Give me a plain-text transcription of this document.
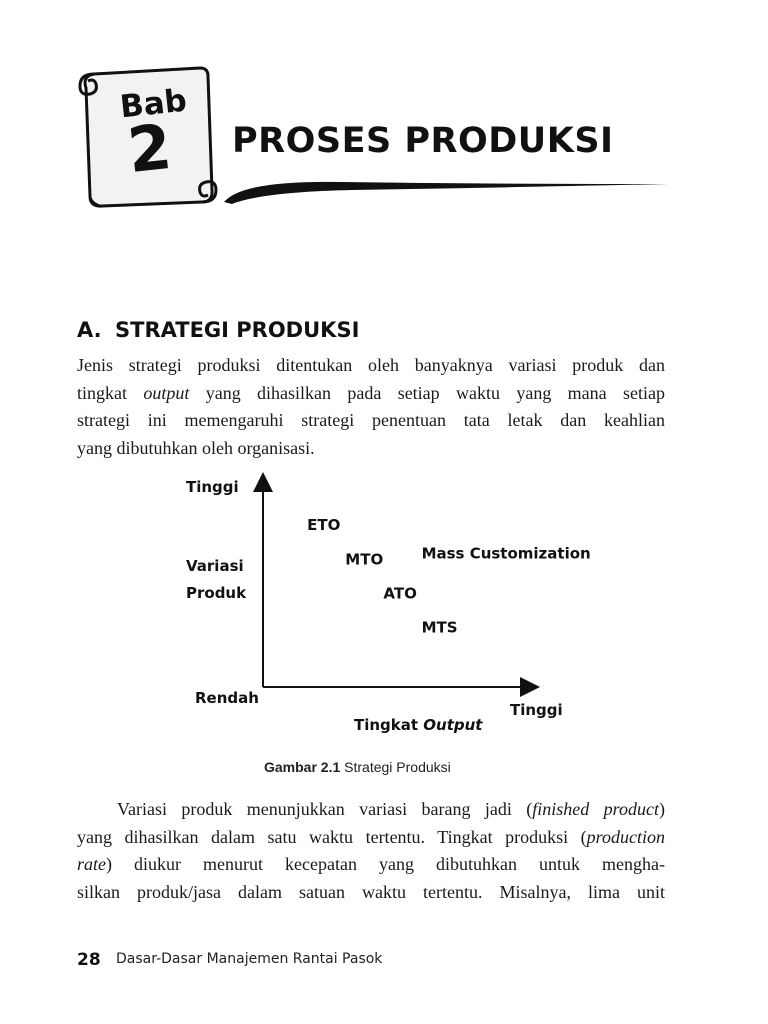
Bab
2 PROSES PRODUKSI
A. STRATEGI PRODUKSI
Jenis strategi produksi ditentukan oleh banyaknya variasi produk dan
tingkat output yang dihasilkan pada setiap waktu yang mana setiap
strategi ini memengaruhi strategi penentuan tata letak dan keahlian
yang dibutuhkan oleh organisasi.
Tinggi
Variasi
Produk
Rendah
Tinggi
Tingkat Output
ETO
MTO	Mass Customization
ATO
MTS
Gambar 2.1 Strategi Produksi
Variasi produk menunjukkan variasi barang jadi (finished product)
yang dihasilkan dalam satu waktu tertentu. Tingkat produksi (production
rate) diukur menurut kecepatan yang dibutuhkan untuk mengha-
silkan produk/jasa dalam satuan waktu tertentu. Misalnya, lima unit
28 Dasar-Dasar Manajemen Rantai Pasok
